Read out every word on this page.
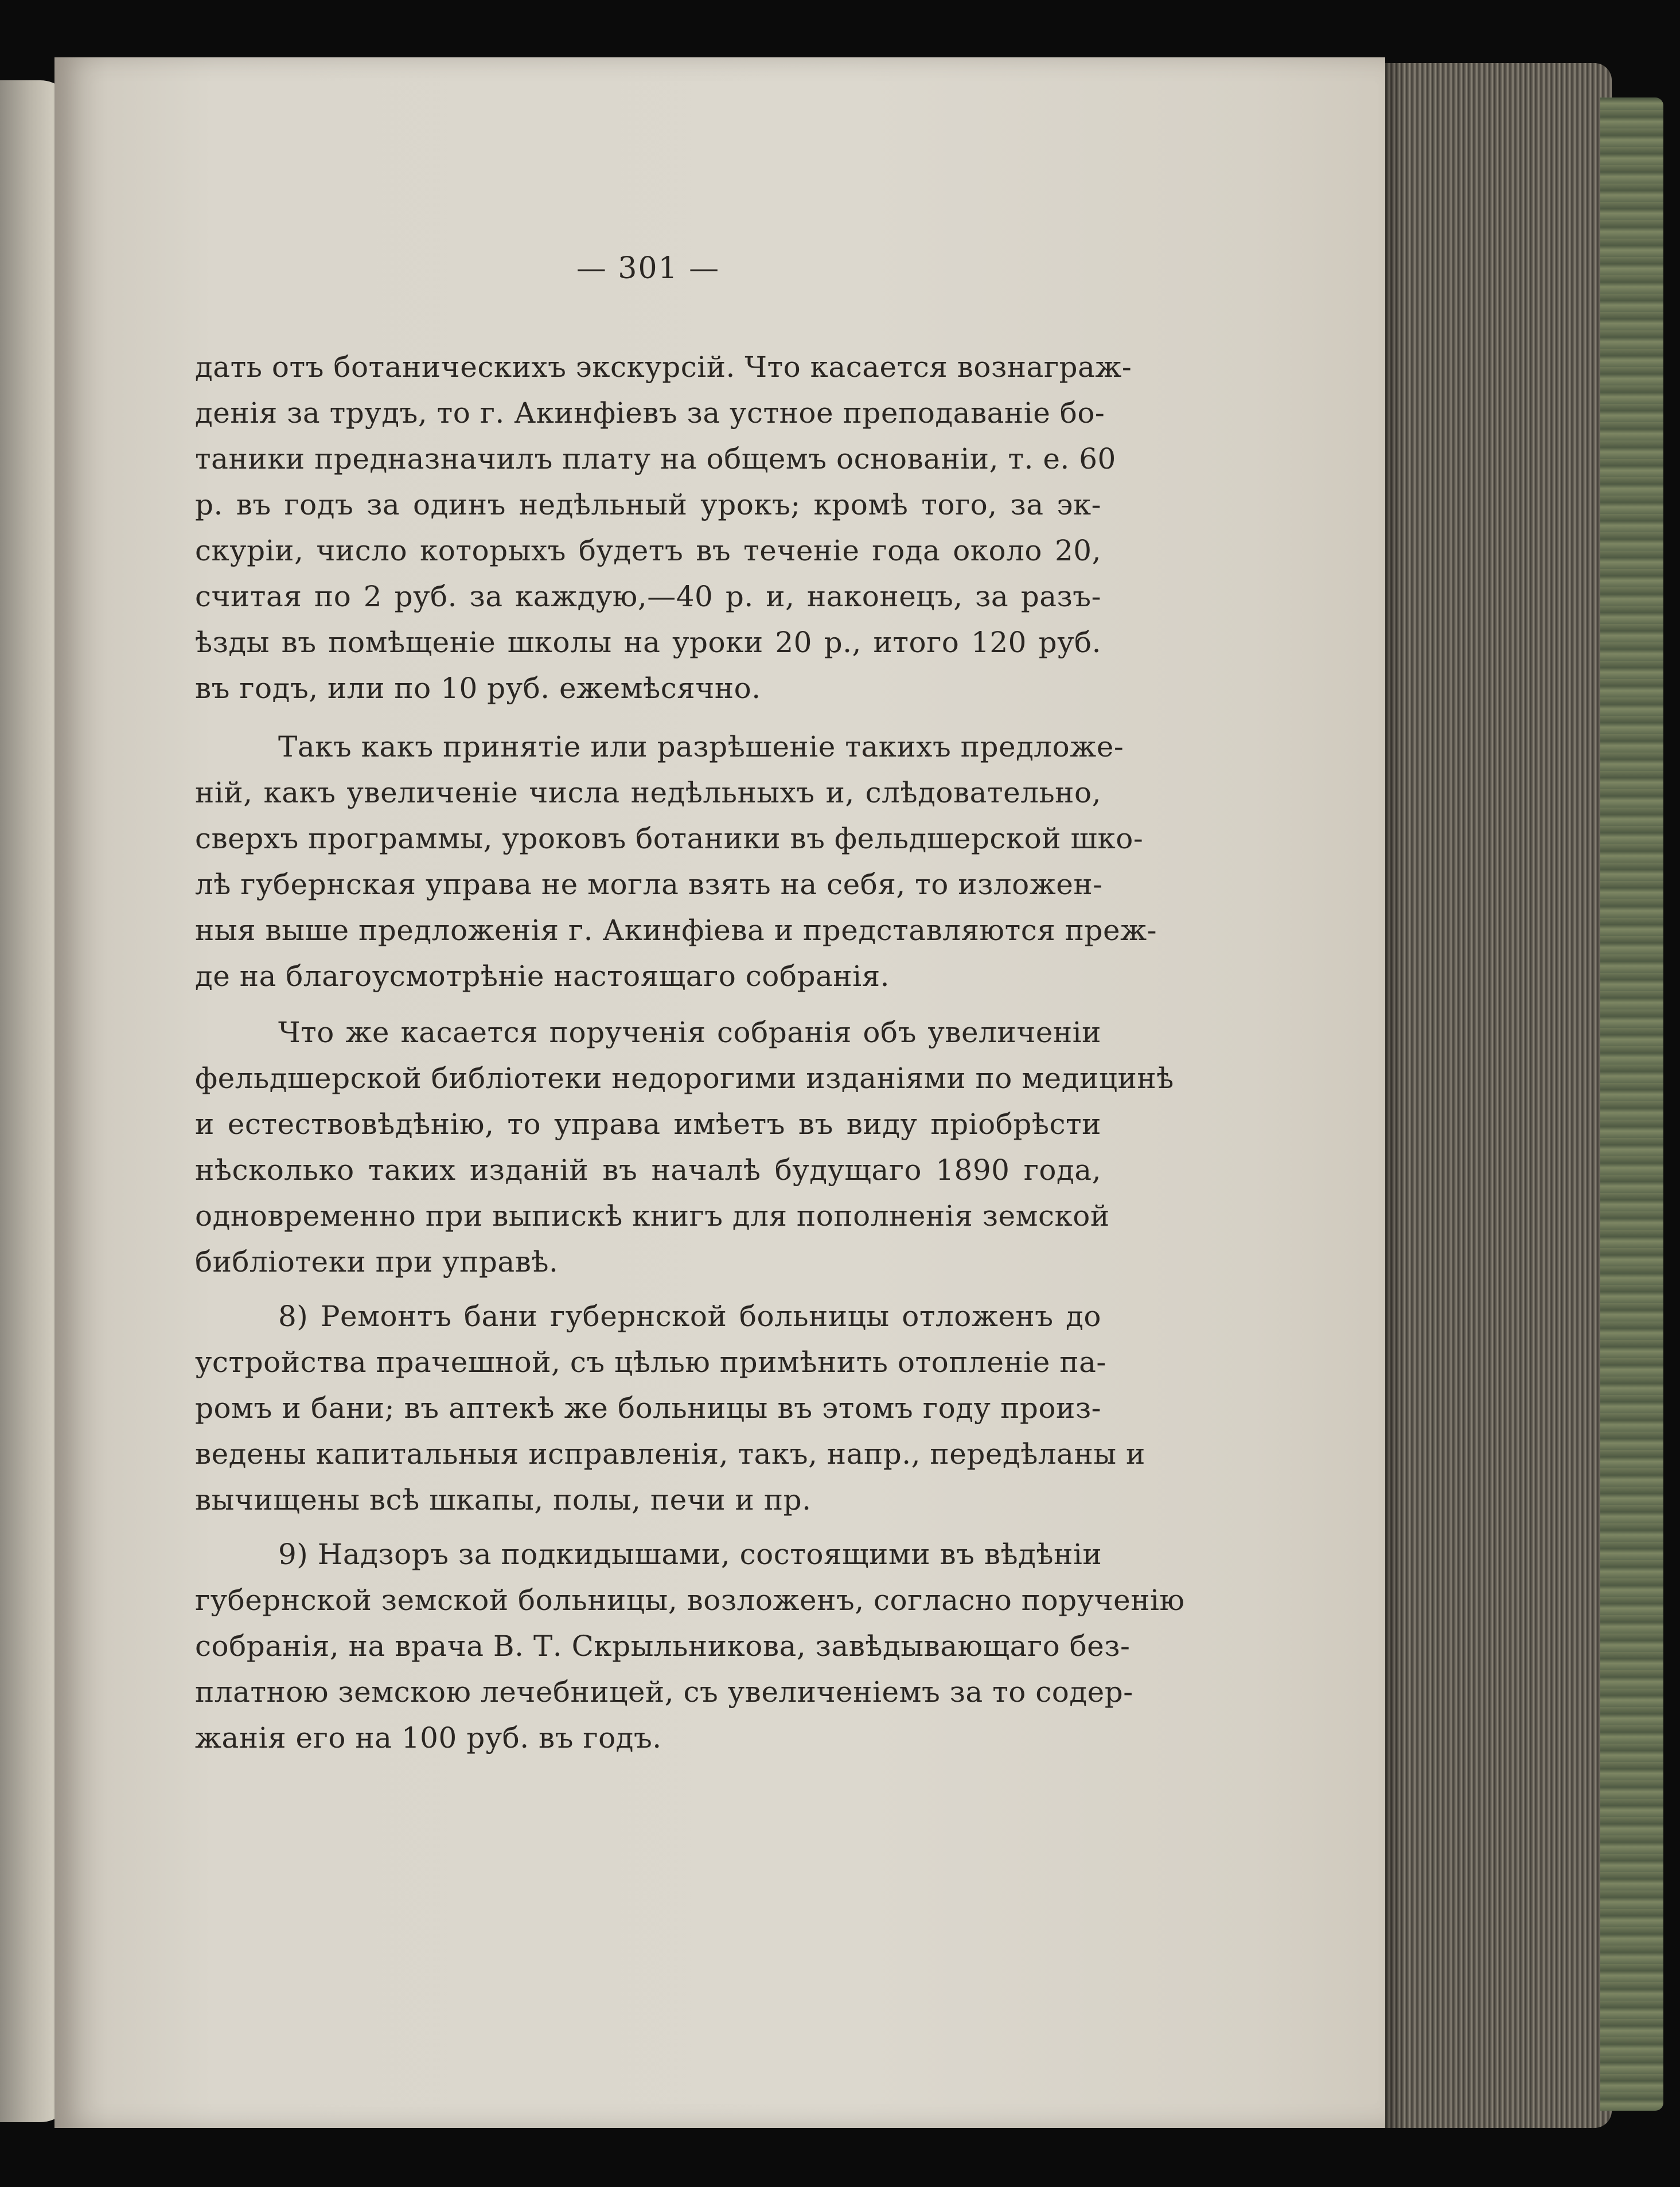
— 301 —
дать отъ ботаническихъ экскурсій. Что касается вознаграж-
денія за трудъ, то г. Акинфіевъ за устное преподаваніе бо-
таники предназначилъ плату на общемъ основаніи, т. е. 60
р. въ годъ за одинъ недѣльный урокъ; кромѣ того, за эк-
скуріи, число которыхъ будетъ въ теченіе года около 20,
считая по 2 руб. за каждую,—40 р. и, наконецъ, за разъ-
ѣзды въ помѣщеніе школы на уроки 20 р., итого 120 руб.
въ годъ, или по 10 руб. ежемѣсячно.
Такъ какъ принятіе или разрѣшеніе такихъ предложе-
ній, какъ увеличеніе числа недѣльныхъ и, слѣдовательно,
сверхъ программы, уроковъ ботаники въ фельдшерской шко-
лѣ губернская управа не могла взять на себя, то изложен-
ныя выше предложенія г. Акинфіева и представляются преж-
де на благоусмотрѣніе настоящаго собранія.
Что же касается порученія собранія объ увеличеніи
фельдшерской библіотеки недорогими изданіями по медицинѣ
и естествовѣдѣнію, то управа имѣетъ въ виду пріобрѣсти
нѣсколько таких изданій въ началѣ будущаго 1890 года,
одновременно при выпискѣ книгъ для пополненія земской
библіотеки при управѣ.
8) Ремонтъ бани губернской больницы отложенъ до
устройства прачешной, съ цѣлью примѣнить отопленіе па-
ромъ и бани; въ аптекѣ же больницы въ этомъ году произ-
ведены капитальныя исправленія, такъ, напр., передѣланы и
вычищены всѣ шкапы, полы, печи и пр.
9) Надзоръ за подкидышами, состоящими въ вѣдѣніи
губернской земской больницы, возложенъ, согласно порученію
собранія, на врача В. Т. Скрыльникова, завѣдывающаго без-
платною земскою лечебницей, съ увеличеніемъ за то содер-
жанія его на 100 руб. въ годъ.
